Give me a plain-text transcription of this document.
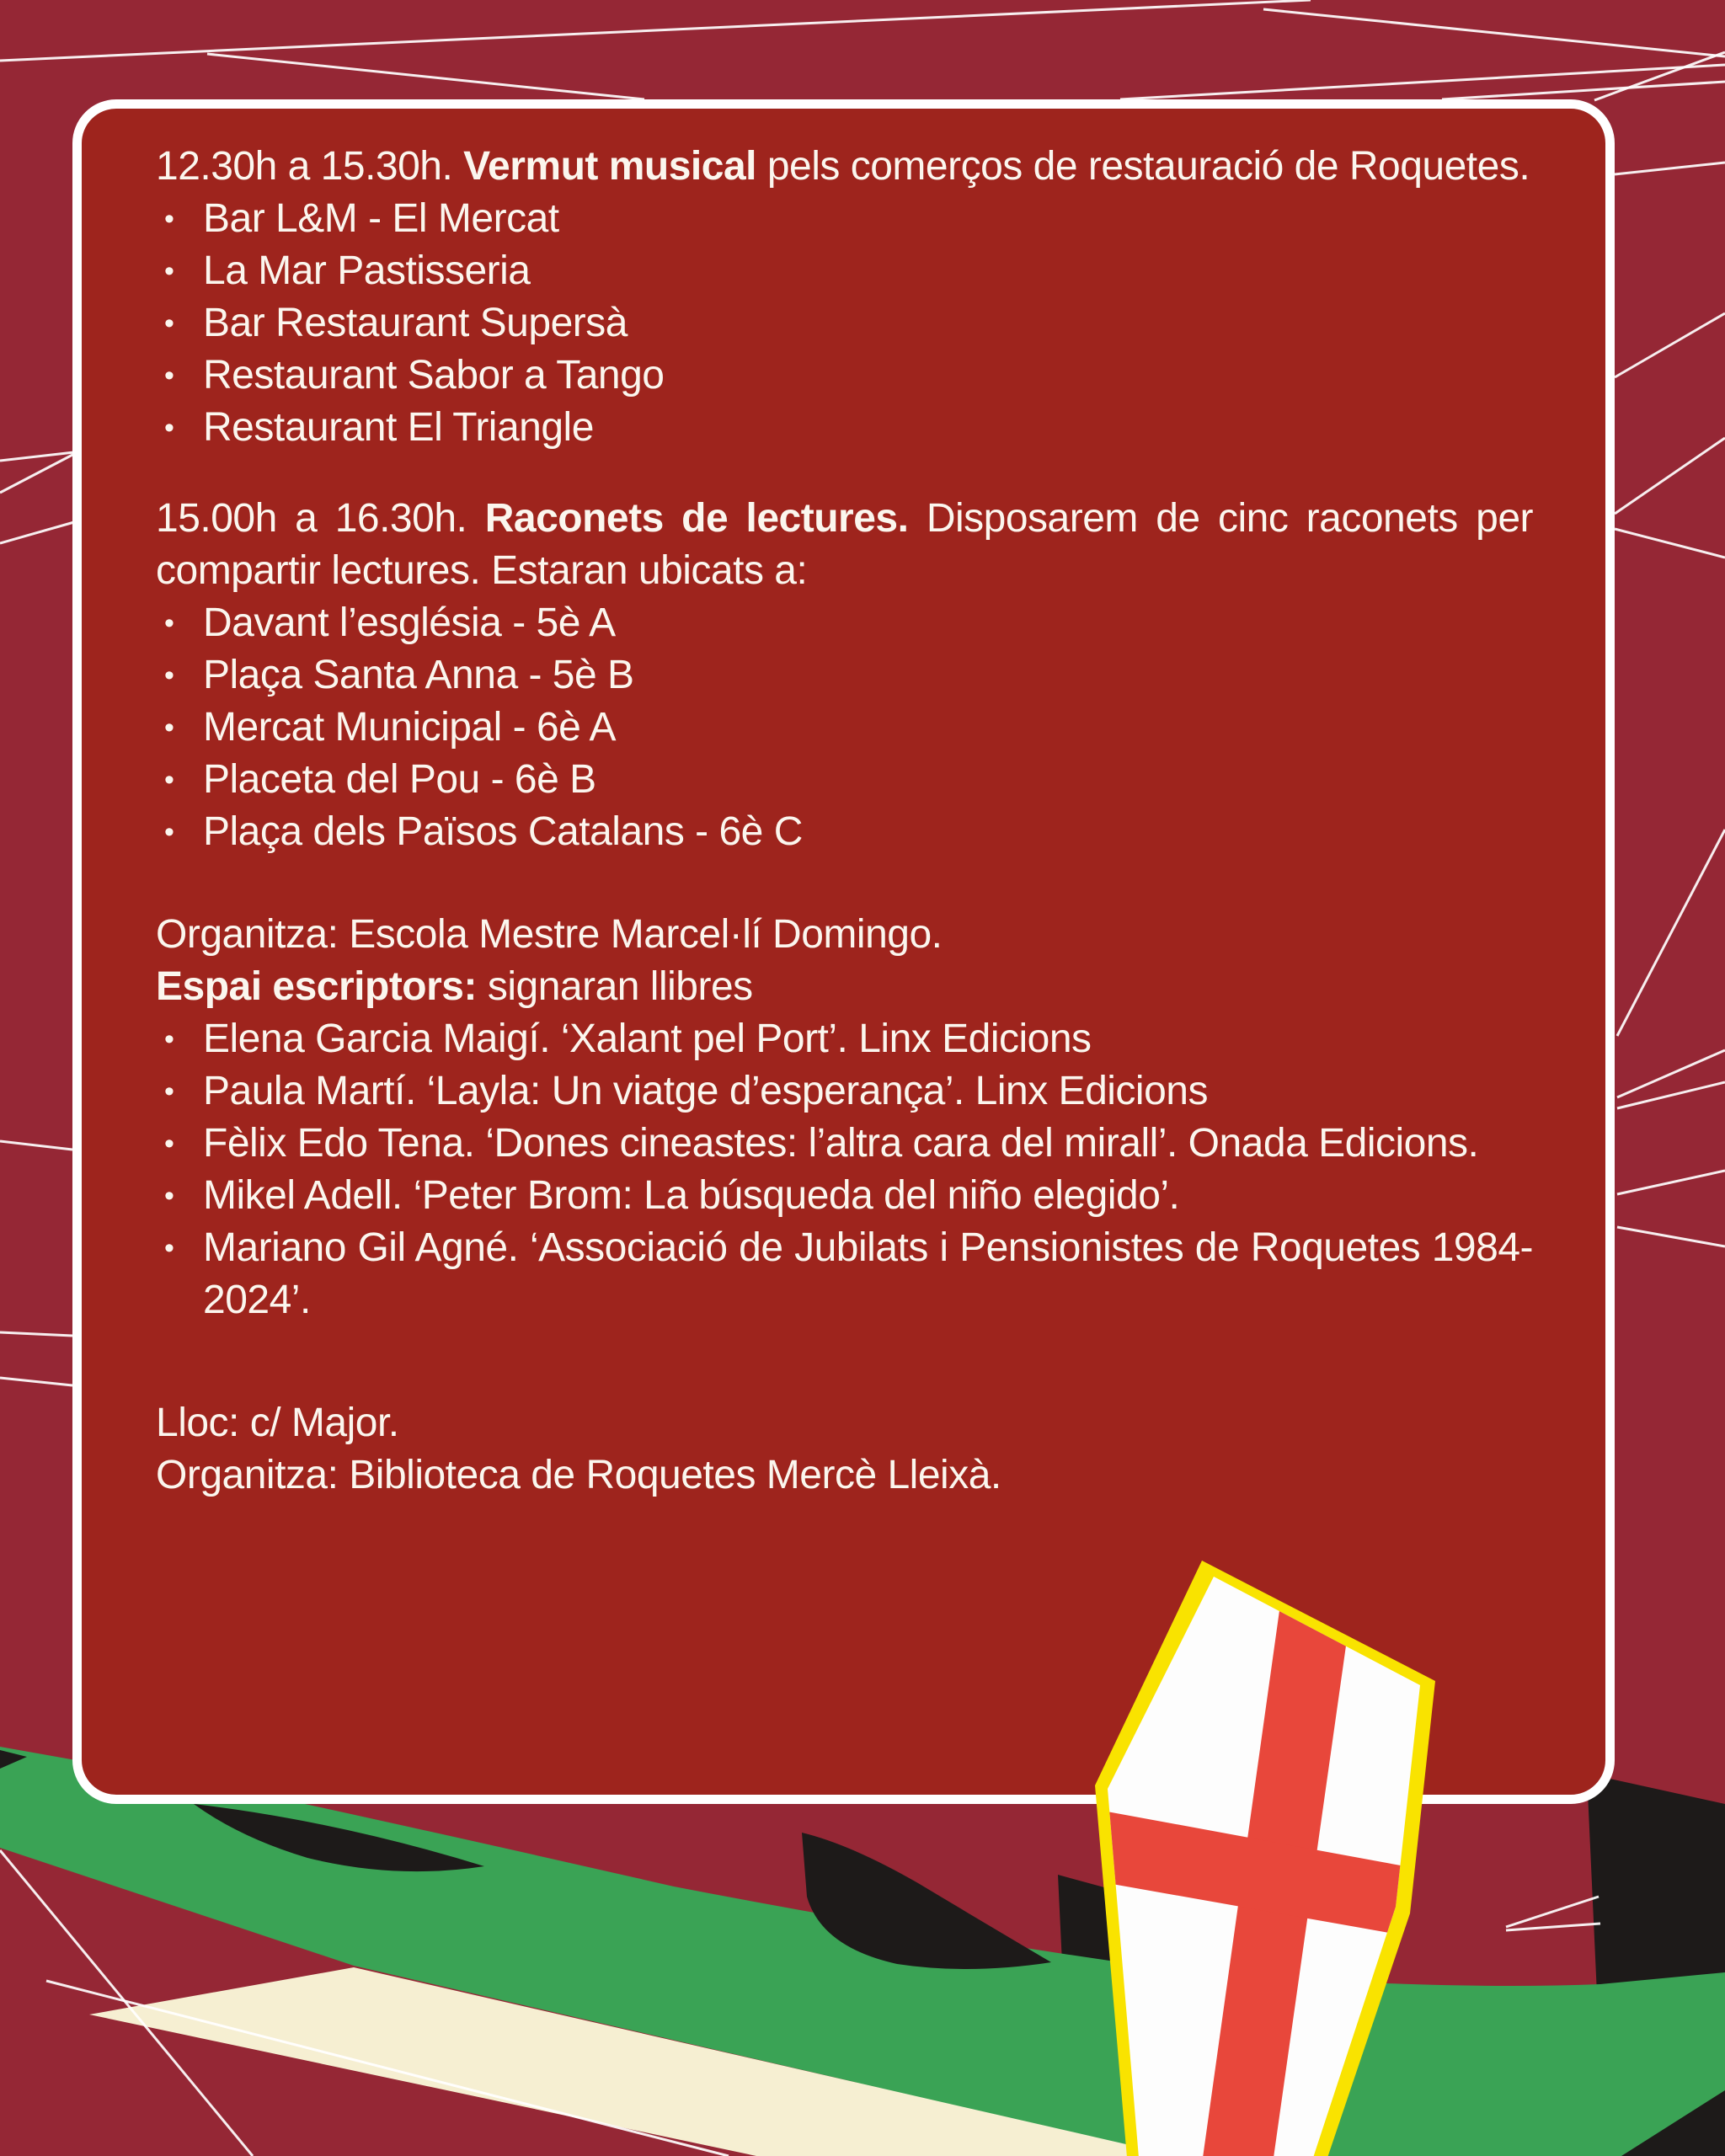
12.30h a 15.30h. Vermut musical pels comerços de restauració de Roquetes.

• Bar L&M - El Mercat
• La Mar Pastisseria
• Bar Restaurant Supersà
• Restaurant Sabor a Tango
• Restaurant El Triangle

15.00h a 16.30h. Raconets de lectures. Disposarem de cinc raconets per compartir lectures. Estaran ubicats a:

• Davant l’església - 5è A
• Plaça Santa Anna - 5è B
• Mercat Municipal - 6è A
• Placeta del Pou - 6è B
• Plaça dels Països Catalans - 6è C

Organitza: Escola Mestre Marcel·lí Domingo.

Espai escriptors: signaran llibres

• Elena Garcia Maigí. ‘Xalant pel Port’. Linx Edicions
• Paula Martí. ‘Layla: Un viatge d’esperança’. Linx Edicions
• Fèlix Edo Tena. ‘Dones cineastes: l’altra cara del mirall’. Onada Edicions.
• Mikel Adell. ‘Peter Brom: La búsqueda del niño elegido’.
• Mariano Gil Agné. ‘Associació de Jubilats i Pensionistes de Roquetes 1984-2024’.

Lloc: c/ Major.

Organitza: Biblioteca de Roquetes Mercè Lleixà.
